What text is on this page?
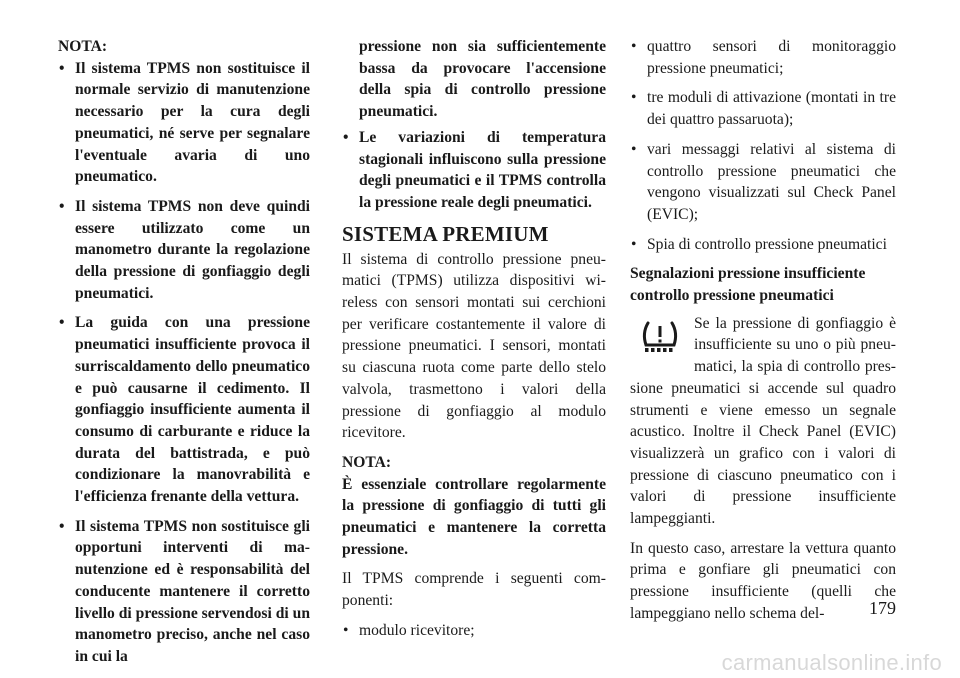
NOTA:

• Il sistema TPMS non sostituisce il normale servizio di manutenzione necessario per la cura degli pneumatici, né serve per segnalare l'eventuale avaria di uno pneumatico.
• Il sistema TPMS non deve quindi essere utilizzato come un manometro durante la regolazione della pressione di gonfiaggio degli pneumatici.
• La guida con una pressione pneumatici insufficiente provoca il surriscaldamento dello pneumatico e può causarne il cedimento. Il gonfiaggio insufficiente aumenta il consumo di carburante e riduce la durata del battistrada, e può condizionare la manovrabilità e l'efficienza frenante della vettura.
• Il sistema TPMS non sostituisce gli opportuni interventi di manutenzione ed è responsabilità del conducente mantenere il corretto livello di pressione servendosi di un manometro preciso, anche nel caso in cui la
pressione non sia sufficientemente bassa da provocare l'accensione della spia di controllo pressione pneumatici.
• Le variazioni di temperatura stagionali influiscono sulla pressione degli pneumatici e il TPMS controlla la pressione reale degli pneumatici.
SISTEMA PREMIUM

Il sistema di controllo pressione pneumatici (TPMS) utilizza dispositivi wireless con sensori montati sui cerchioni per verificare costantemente il valore di pressione pneumatici. I sensori, montati su ciascuna ruota come parte dello stelo valvola, trasmettono i valori della pressione di gonfiaggio al modulo ricevitore.

NOTA:

È essenziale controllare regolarmente la pressione di gonfiaggio di tutti gli pneumatici e mantenere la corretta pressione.

Il TPMS comprende i seguenti componenti:

• modulo ricevitore;
• quattro sensori di monitoraggio pressione pneumatici;
• tre moduli di attivazione (montati in tre dei quattro passaruota);
• vari messaggi relativi al sistema di controllo pressione pneumatici che vengono visualizzati sul Check Panel (EVIC);
• Spia di controllo pressione pneumatici

Segnalazioni pressione insufficiente controllo pressione pneumatici

Se la pressione di gonfiaggio è insufficiente su uno o più pneumatici, la spia di controllo pressione pneumatici si accende sul quadro strumenti e viene emesso un segnale acustico. Inoltre il Check Panel (EVIC) visualizzerà un grafico con i valori di pressione di ciascuno pneumatico con i valori di pressione insufficiente lampeggianti.

In questo caso, arrestare la vettura quanto prima e gonfiare gli pneumatici con pressione insufficiente (quelli che lampeggiano nello schema del-	179
carmanualsonline.info
